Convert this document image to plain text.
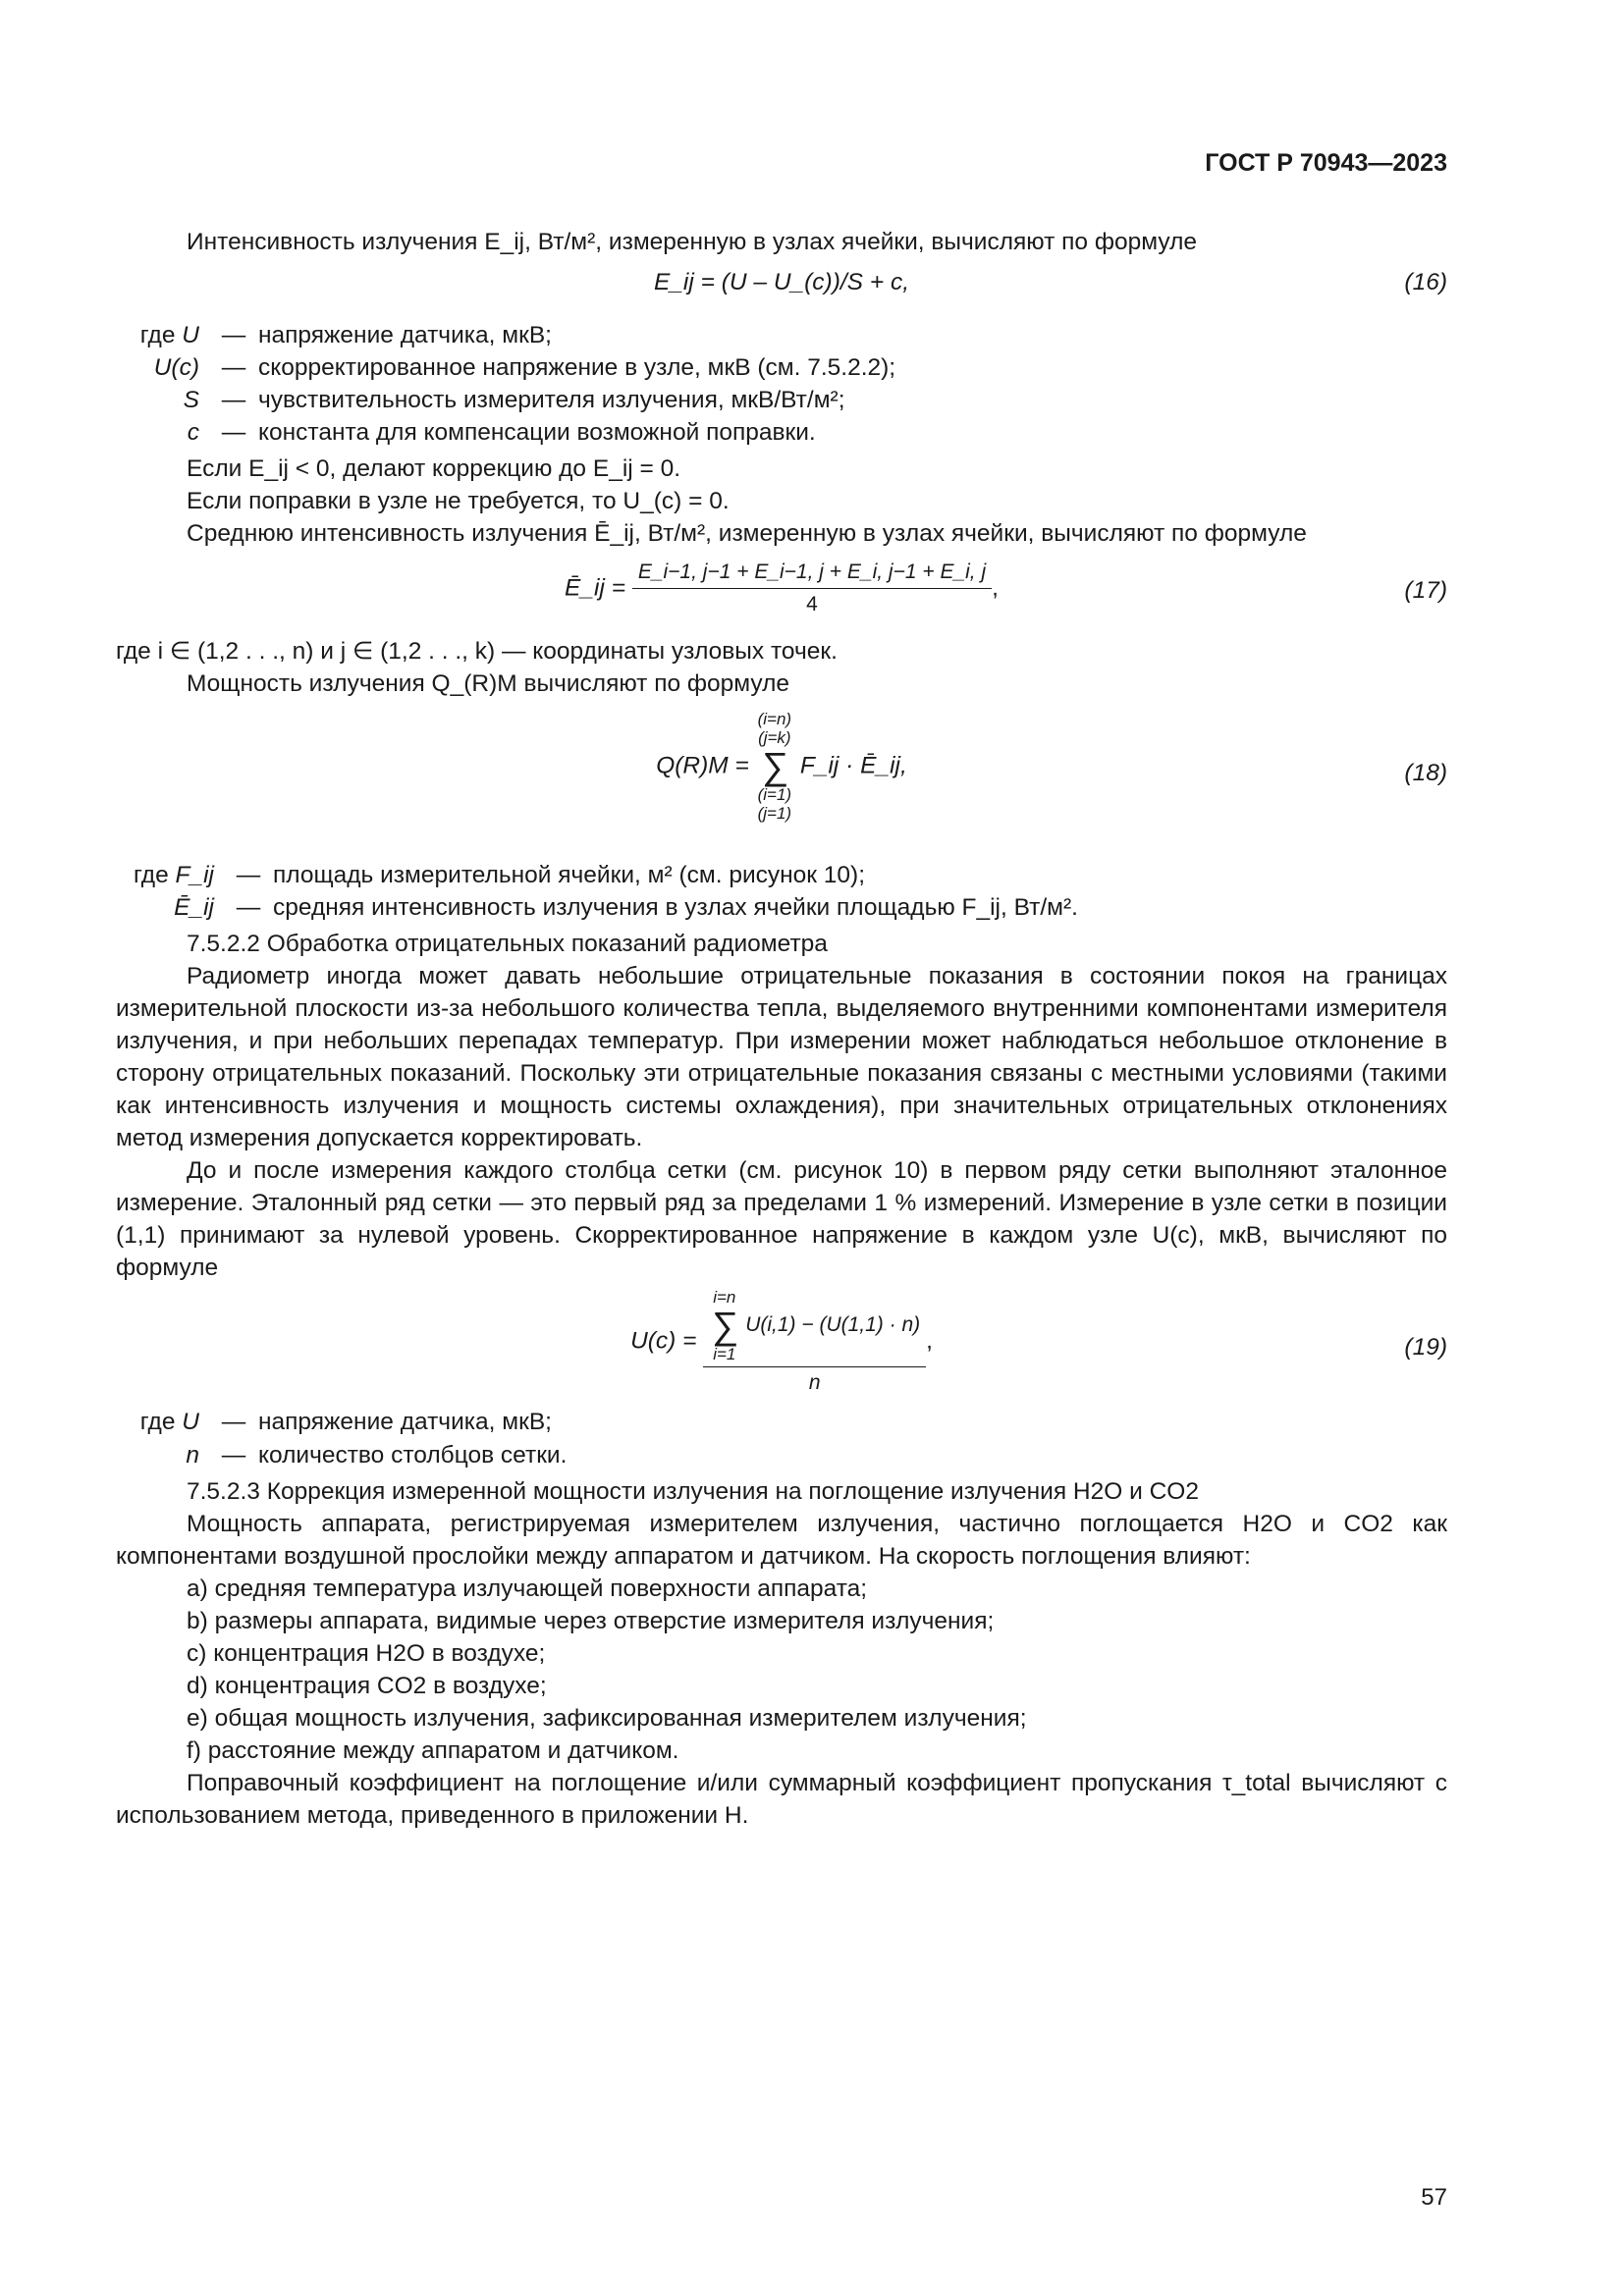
ГОСТ Р 70943—2023

Интенсивность излучения E_ij, Вт/м², измеренную в узлах ячейки, вычисляют по формуле

E_ij = (U – U_(c))/S + c,	(16)
где U — напряжение датчика, мкВ;
U(c) — скорректированное напряжение в узле, мкВ (см. 7.5.2.2);
S — чувствительность измерителя излучения, мкВ/Вт/м²;
c — константа для компенсации возможной поправки.

Если E_ij < 0, делают коррекцию до E_ij = 0.

Если поправки в узле не требуется, то U_(c) = 0.

Среднюю интенсивность излучения Ē_ij, Вт/м², измеренную в узлах ячейки, вычисляют по формуле

Ē_ij = $\frac{E\_i-1, j-1 + E\_i-1, j + E\_i, j-1 + E\_i, j}{4}$ ,	(17)

где i ∈ (1,2 . . ., n) и j ∈ (1,2 . . ., k) — координаты узловых точек.

Мощность излучения Q_(R)M вычисляют по формуле

Q(R)M =
(i=n)
(j=k)
∑
(i=1)
(j=1)
F_ij · Ē_ij,	(18)
где F_ij — площадь измерительной ячейки, м² (см. рисунок 10);
Ē_ij — средняя интенсивность излучения в узлах ячейки площадью F_ij, Вт/м².

7.5.2.2 Обработка отрицательных показаний радиометра

Радиометр иногда может давать небольшие отрицательные показания в состоянии покоя на границах измерительной плоскости из-за небольшого количества тепла, выделяемого внутренними компонентами измерителя излучения, и при небольших перепадах температур. При измерении может наблюдаться небольшое отклонение в сторону отрицательных показаний. Поскольку эти отрицательные показания связаны с местными условиями (такими как интенсивность излучения и мощность системы охлаждения), при значительных отрицательных отклонениях метод измерения допускается корректировать.

До и после измерения каждого столбца сетки (см. рисунок 10) в первом ряду сетки выполняют эталонное измерение. Эталонный ряд сетки — это первый ряд за пределами 1 % измерений. Измерение в узле сетки в позиции (1,1) принимают за нулевой уровень. Скорректированное напряжение в каждом узле U(c), мкВ, вычисляют по формуле

U(c) =
i=n
∑
i=1
U(i,1) − (U(1,1) · n)
n
,	(19)
где U — напряжение датчика, мкВ;
n — количество столбцов сетки.

7.5.2.3 Коррекция измеренной мощности излучения на поглощение излучения H2O и CO2

Мощность аппарата, регистрируемая измерителем излучения, частично поглощается H2O и CO2 как компонентами воздушной прослойки между аппаратом и датчиком. На скорость поглощения влияют:

a) средняя температура излучающей поверхности аппарата;

b) размеры аппарата, видимые через отверстие измерителя излучения;

c) концентрация H2O в воздухе;

d) концентрация CO2 в воздухе;

e) общая мощность излучения, зафиксированная измерителем излучения;

f) расстояние между аппаратом и датчиком.

Поправочный коэффициент на поглощение и/или суммарный коэффициент пропускания τ_total вычисляют с использованием метода, приведенного в приложении H.

57
